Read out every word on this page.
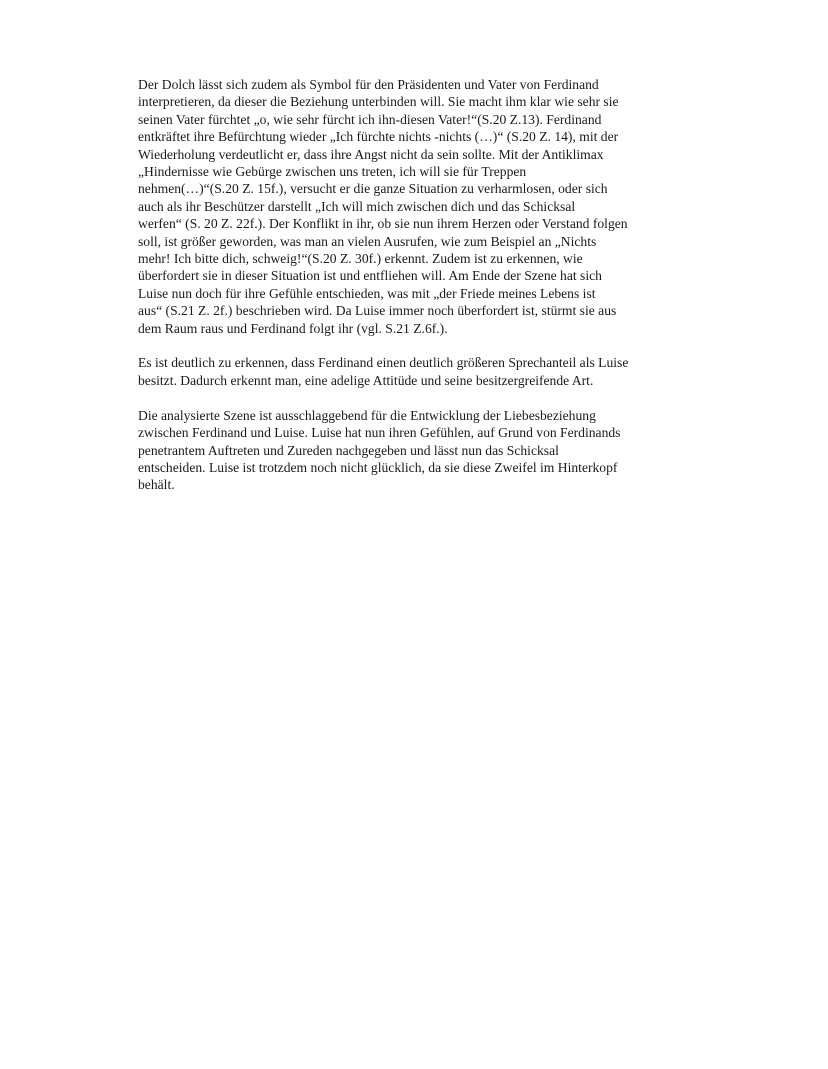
Der Dolch lässt sich zudem als Symbol für den Präsidenten und Vater von Ferdinand
interpretieren, da dieser die Beziehung unterbinden will. Sie macht ihm klar wie sehr sie
seinen Vater fürchtet „o, wie sehr fürcht ich ihn-diesen Vater!“(S.20 Z.13). Ferdinand
entkräftet ihre Befürchtung wieder „Ich fürchte nichts -nichts (…)“ (S.20 Z. 14), mit der
Wiederholung verdeutlicht er, dass ihre Angst nicht da sein sollte. Mit der Antiklimax
„Hindernisse wie Gebürge zwischen uns treten, ich will sie für Treppen
nehmen(…)“(S.20 Z. 15f.), versucht er die ganze Situation zu verharmlosen, oder sich
auch als ihr Beschützer darstellt „Ich will mich zwischen dich und das Schicksal
werfen“ (S. 20 Z. 22f.). Der Konflikt in ihr, ob sie nun ihrem Herzen oder Verstand folgen
soll, ist größer geworden, was man an vielen Ausrufen, wie zum Beispiel an „Nichts
mehr! Ich bitte dich, schweig!“(S.20 Z. 30f.) erkennt. Zudem ist zu erkennen, wie
überfordert sie in dieser Situation ist und entfliehen will. Am Ende der Szene hat sich
Luise nun doch für ihre Gefühle entschieden, was mit „der Friede meines Lebens ist
aus“ (S.21 Z. 2f.) beschrieben wird. Da Luise immer noch überfordert ist, stürmt sie aus
dem Raum raus und Ferdinand folgt ihr (vgl. S.21 Z.6f.).

Es ist deutlich zu erkennen, dass Ferdinand einen deutlich größeren Sprechanteil als Luise
besitzt. Dadurch erkennt man, eine adelige Attitüde und seine besitzergreifende Art.

Die analysierte Szene ist ausschlaggebend für die Entwicklung der Liebesbeziehung
zwischen Ferdinand und Luise. Luise hat nun ihren Gefühlen, auf Grund von Ferdinands
penetrantem Auftreten und Zureden nachgegeben und lässt nun das Schicksal
entscheiden. Luise ist trotzdem noch nicht glücklich, da sie diese Zweifel im Hinterkopf
behält.
